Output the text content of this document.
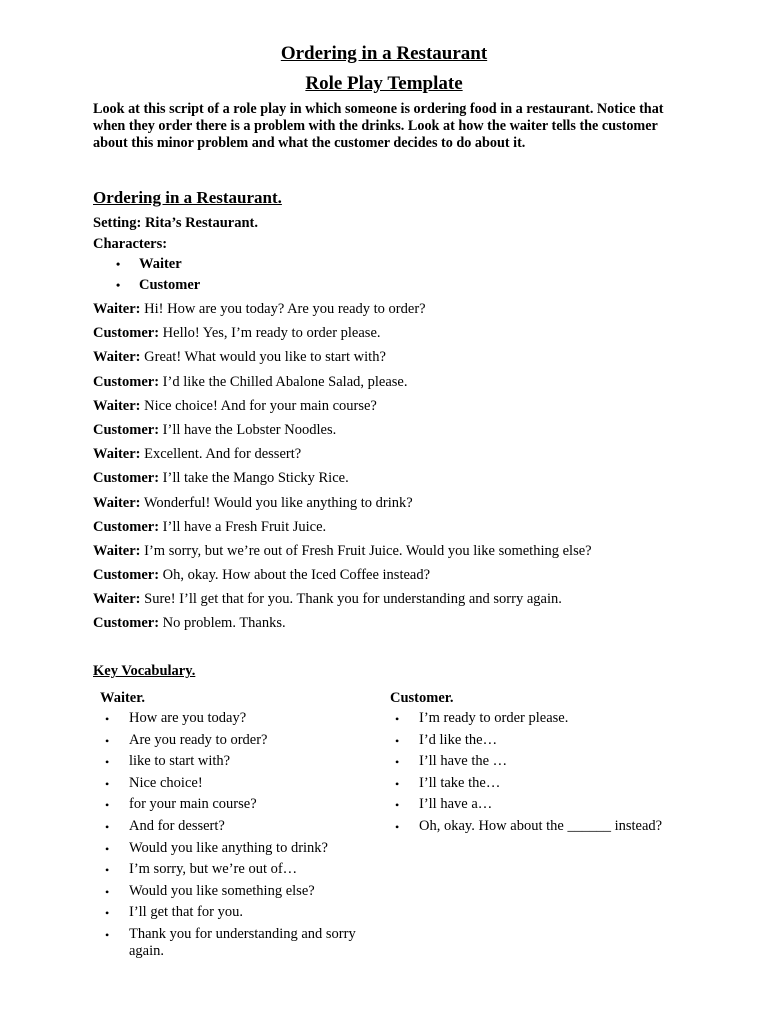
Ordering in a Restaurant
Role Play Template

Look at this script of a role play in which someone is ordering food in a restaurant. Notice that when they order there is a problem with the drinks. Look at how the waiter tells the customer about this minor problem and what the customer decides to do about it.

Ordering in a Restaurant.

Setting: Rita’s Restaurant.

Characters:

• Waiter
• Customer
Waiter: Hi! How are you today? Are you ready to order?
Customer: Hello! Yes, I’m ready to order please.
Waiter: Great! What would you like to start with?
Customer: I’d like the Chilled Abalone Salad, please.
Waiter: Nice choice! And for your main course?
Customer: I’ll have the Lobster Noodles.
Waiter: Excellent. And for dessert?
Customer: I’ll take the Mango Sticky Rice.
Waiter: Wonderful! Would you like anything to drink?
Customer: I’ll have a Fresh Fruit Juice.
Waiter: I’m sorry, but we’re out of Fresh Fruit Juice. Would you like something else?
Customer: Oh, okay. How about the Iced Coffee instead?
Waiter: Sure! I’ll get that for you. Thank you for understanding and sorry again.
Customer: No problem. Thanks.
Key Vocabulary.

Waiter.	Customer.

• How are you today?
• Are you ready to order?
• like to start with?
• Nice choice!
• for your main course?
• And for dessert?
• Would you like anything to drink?
• I’m sorry, but we’re out of…
• Would you like something else?
• I’ll get that for you.
• Thank you for understanding and sorry again.
• I’m ready to order please.
• I’d like the…
• I’ll have the …
• I’ll take the…
• I’ll have a…
• Oh, okay. How about the ______ instead?
